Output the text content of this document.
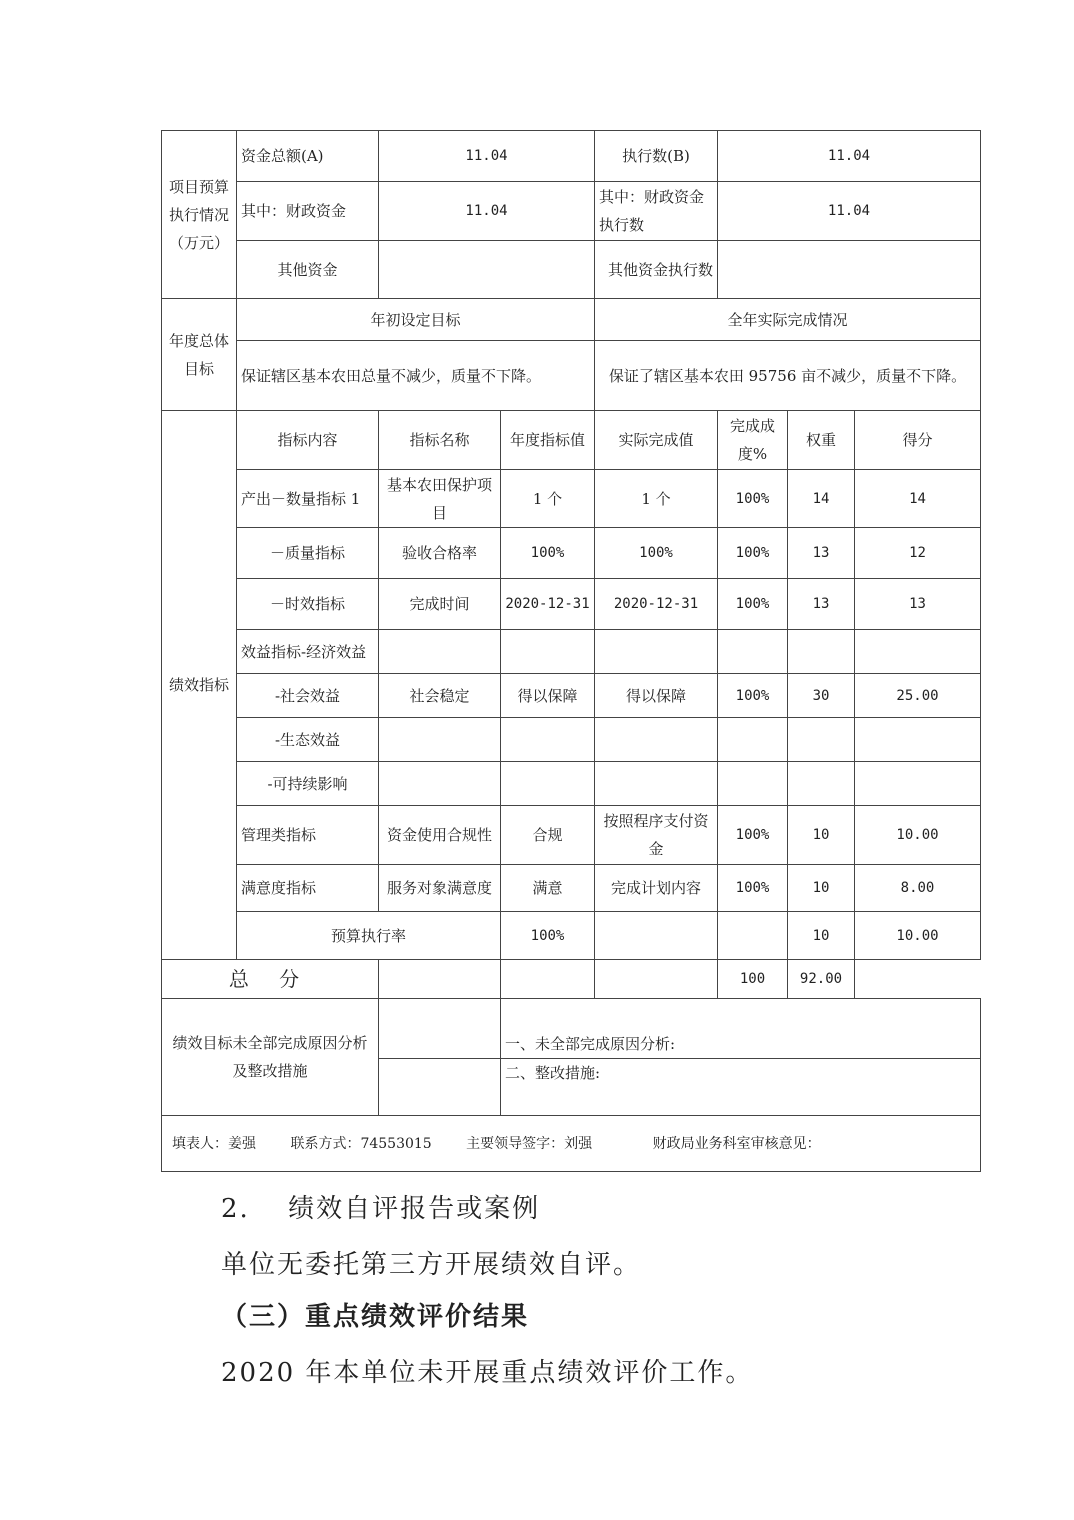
项目预算执行情况（万元）	资金总额(A)	11.04		执行数(B)	11.04		
	其中：财政资金	11.04		其中：财政资金执行数	11.04		
	其他资金			其他资金执行数			
年度总体目标	年初设定目标			全年实际完成情况			
	保证辖区基本农田总量不减少，质量不下降。			保证了辖区基本农田 95756 亩不减少，质量不下降。			
绩效指标	指标内容	指标名称	年度指标值	实际完成值	完成成度%	权重	得分
	产出－数量指标 1	基本农田保护项目	1 个	1 个	100%	14	14
	－质量指标	验收合格率	100%	100%	100%	13	12
	－时效指标	完成时间	2020-12-31	2020-12-31	100%	13	13
	效益指标-经济效益						
	-社会效益	社会稳定	得以保障	得以保障	100%	30	25.00
	-生态效益						
	-可持续影响						
	管理类指标	资金使用合规性	合规	按照程序支付资金	100%	10	10.00
	满意度指标	服务对象满意度	满意	完成计划内容	100%	10	8.00
	预算执行率		100%			10	10.00
总 分					100	92.00	
绩效目标未全部完成原因分析及整改措施			一、未全部完成原因分析:				
			二、整改措施:				
填表人：姜强 联系方式：74553015 主要领导签字：刘强 财政局业务科室审核意见：							
2.　 绩效自评报告或案例
单位无委托第三方开展绩效自评。
（三）重点绩效评价结果
2020 年本单位未开展重点绩效评价工作。
